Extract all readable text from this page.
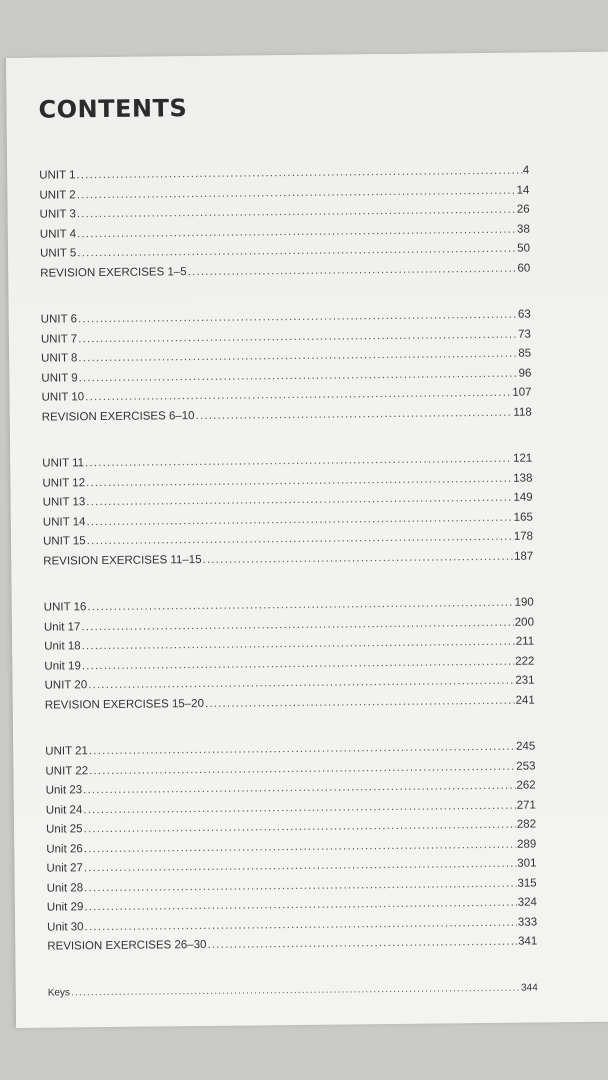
CONTENTS
UNIT 1 .....	4
UNIT 2 .....	14
UNIT 3 .....	26
UNIT 4 .....	38
UNIT 5 .....	50
REVISION EXERCISES 1–5 .....	60
UNIT 6 .....	63
UNIT 7 .....	73
UNIT 8 .....	85
UNIT 9 .....	96
UNIT 10 .....	107
REVISION EXERCISES 6–10 .....	118
UNIT 11 .....	121
UNIT 12 .....	138
UNIT 13 .....	149
UNIT 14 .....	165
UNIT 15 .....	178
REVISION EXERCISES 11–15 .....	187
UNIT 16 .....	190
Unit 17 .....	200
Unit 18 .....	211
Unit 19 .....	222
UNIT 20 .....	231
REVISION EXERCISES 15–20 .....	241
UNIT 21 .....	245
UNIT 22 .....	253
Unit 23 .....	262
Unit 24 .....	271
Unit 25 .....	282
Unit 26 .....	289
Unit 27 .....	301
Unit 28 .....	315
Unit 29 .....	324
Unit 30 .....	333
REVISION EXERCISES 26–30 .....	341
Keys .....	344
